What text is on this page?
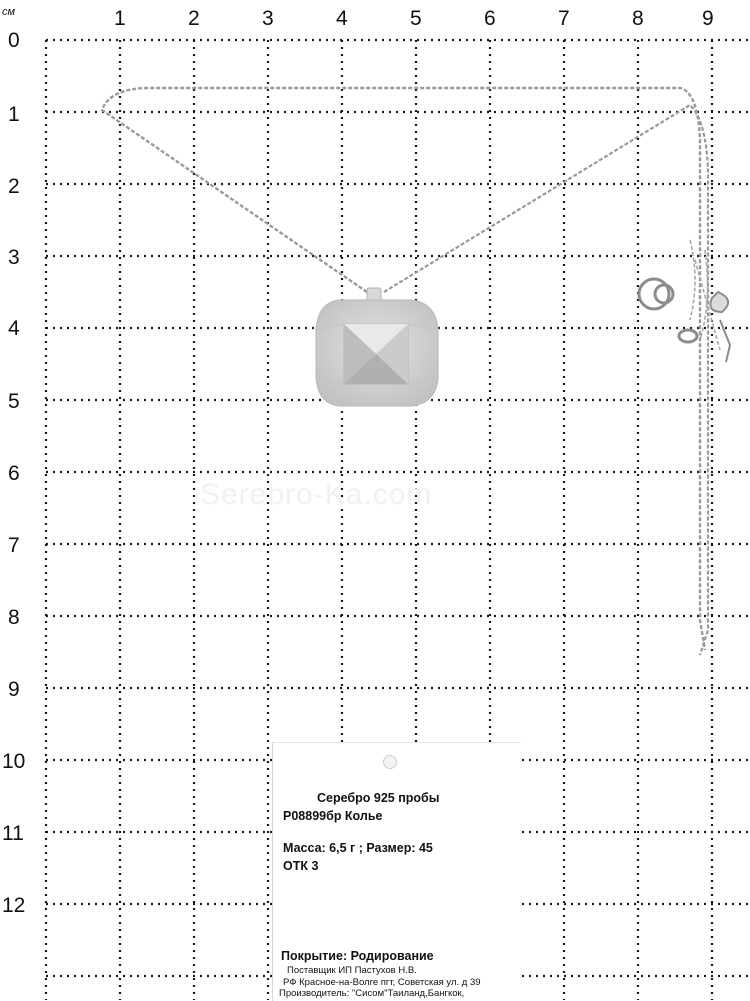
см	1	2	3	4	5	6	7	8	9
0
1
2
3
4
5
6
7
8
9
10
11
12
Serebro-Ka.com
Серебро 925 пробы
Р08899бр Колье
Масса: 6,5 г ; Размер: 45
ОТК 3
Покрытие: Родирование
Поставщик ИП Пастухов Н.В.
РФ Красное-на-Волге пгт, Советская ул. д 39
Производитель: "Сисом"Таиланд,Бангкок,
